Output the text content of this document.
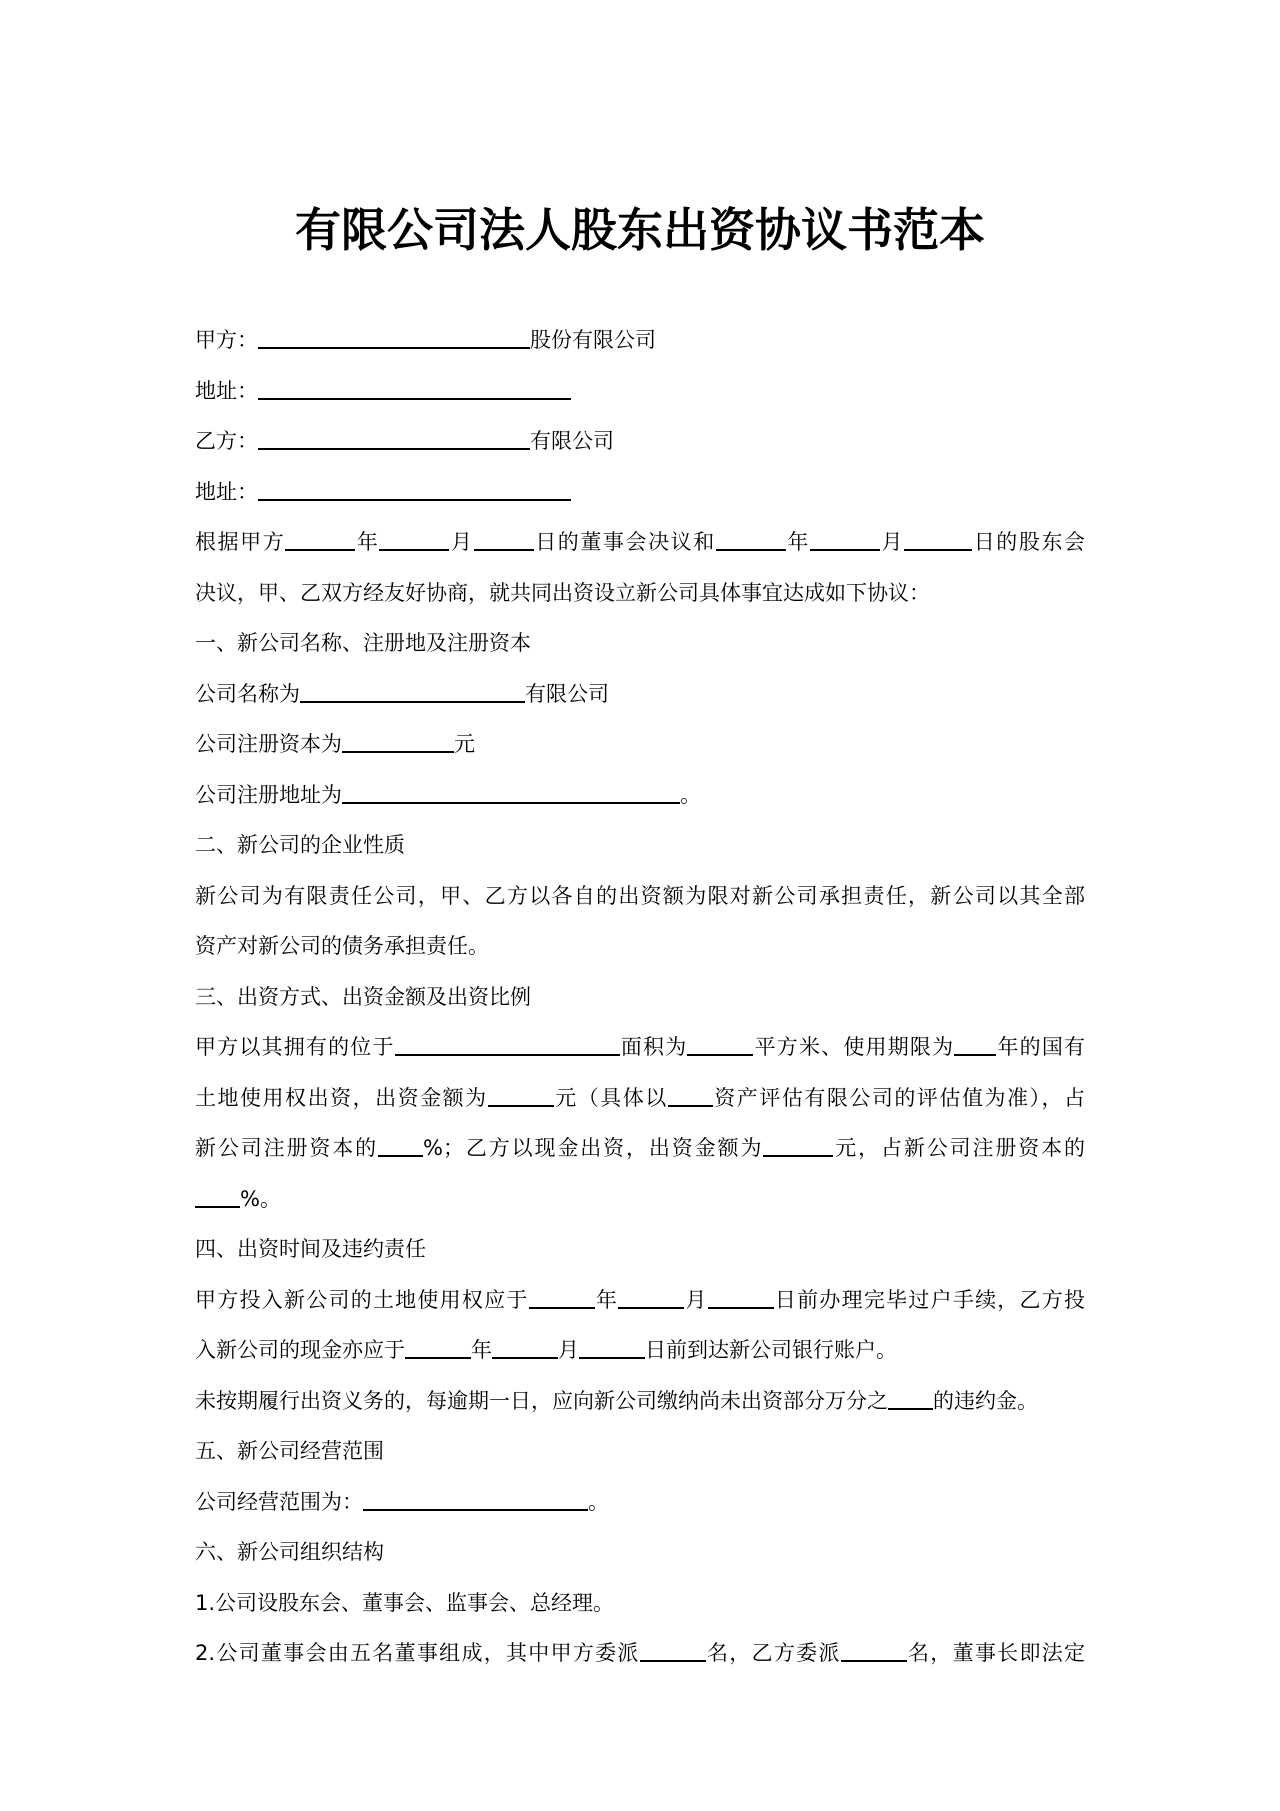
有限公司法人股东出资协议书范本
甲方：	股份有限公司
地址：
乙方：	有限公司
地址：
根据甲方	年	月	日的董事会决议和	年	月	日的股东会
决议，甲、乙双方经友好协商，就共同出资设立新公司具体事宜达成如下协议：
一、新公司名称、注册地及注册资本
公司名称为	有限公司
公司注册资本为	元
公司注册地址为	。
二、新公司的企业性质
新公司为有限责任公司，甲、乙方以各自的出资额为限对新公司承担责任，新公司以其全部
资产对新公司的债务承担责任。
三、出资方式、出资金额及出资比例
甲方以其拥有的位于	面积为	平方米、使用期限为 年的国有
土地使用权出资，出资金额为	元（具体以 资产评估有限公司的评估值为准），占
新公司注册资本的 %；乙方以现金出资，出资金额为	元，占新公司注册资本的
%。
四、出资时间及违约责任
甲方投入新公司的土地使用权应于	年	月	日前办理完毕过户手续，乙方投
入新公司的现金亦应于	年	月	日前到达新公司银行账户。
未按期履行出资义务的，每逾期一日，应向新公司缴纳尚未出资部分万分之 的违约金。
五、新公司经营范围
公司经营范围为：	。
六、新公司组织结构
1.公司设股东会、董事会、监事会、总经理。
2.公司董事会由五名董事组成，其中甲方委派	名，乙方委派	名，董事长即法定
